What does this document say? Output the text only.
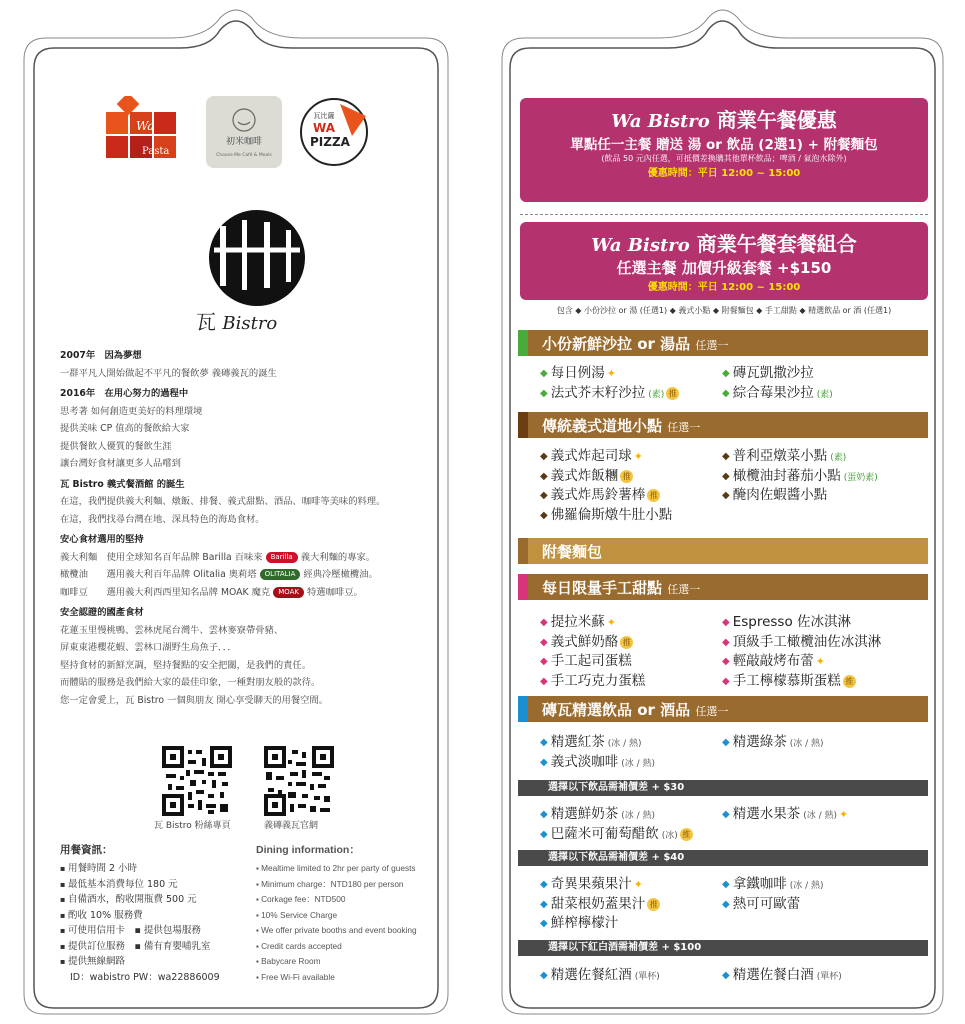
Wa
Pasta
初米咖啡
Choose Me Café & Meals
瓦比薩
WA
PIZZA
瓦 Bistro

2007年　因為夢想

一群平凡人開始做起不平凡的餐飲夢 義磚義瓦的誕生

2016年　在用心努力的過程中

思考著 如何創造更美好的料理環境

提供美味 CP 值高的餐飲給大家

提供餐飲人優質的餐飲生涯

讓台灣好食材讓更多人品嚐到

瓦 Bistro 義式餐酒館 的誕生

在這，我們提供義大利麵、燉飯、排餐、義式甜點、酒品、咖啡等美味的料理。

在這，我們找尋台灣在地、深具特色的海島食材。

安心食材選用的堅持

義大利麵　使用全球知名百年品牌 Barilla 百味來 Barilla 義大利麵的專家。

橄欖油　　選用義大利百年品牌 Olitalia 奧莉塔 OLITALIA 經典冷壓橄欖油。

咖啡豆　　選用義大利西西里知名品牌 MOAK 魔克 MOAK 特選咖啡豆。

安全認證的國產食材

花蓮玉里慢桃鴨、雲林虎尾台灣牛、雲林麥寮帶骨豬、

屏東東港櫻花蝦、雲林口湖野生烏魚子．．．

堅持食材的新鮮烹調，堅持餐點的安全把關，是我們的責任。

而體貼的服務是我們給大家的最佳印象，一種對朋友般的款待。

您一定會愛上，瓦 Bistro 一個與朋友 開心享受聊天的用餐空間。

瓦 Bistro 粉絲專頁	義磚義瓦官網
用餐資訊：
▪ 用餐時間 2 小時
▪ 最低基本消費每位 180 元
▪ 自備酒水，酌收開瓶費 500 元
▪ 酌收 10% 服務費
▪ 可使用信用卡　▪ 提供包場服務
▪ 提供訂位服務　▪ 備有育嬰哺乳室
▪ 提供無線網路
ID：wabistro PW：wa22886009
Dining information：
▪ Mealtime limited to 2hr per party of guests
▪ Minimum charge：NTD180 per person
▪ Corkage fee：NTD500
▪ 10% Service Charge
▪ We offer private booths and event booking
▪ Credit cards accepted
▪ Babycare Room
▪ Free Wi-Fi available
Wa Bistro 商業午餐優惠
單點任一主餐 贈送 湯 or 飲品 (2選1) + 附餐麵包
(飲品 50 元內任選，可抵價差換購其他單杯飲品；啤酒 / 氣泡水除外)
優惠時間：平日 12:00 ~ 15:00
Wa Bistro 商業午餐套餐組合
任選主餐 加價升級套餐 +$150
優惠時間：平日 12:00 ~ 15:00
包含 ◆ 小份沙拉 or 湯 (任選1) ◆ 義式小點 ◆ 附餐麵包 ◆ 手工甜點 ◆ 精選飲品 or 酒 (任選1)
小份新鮮沙拉 or 湯品 任選一
◆ 每日例湯 ✦	◆ 磚瓦凱撒沙拉
◆ 法式芥末籽沙拉 (素) 推	◆ 綜合莓果沙拉 (素)
傳統義式道地小點 任選一
◆ 義式炸起司球 ✦	◆ 普利亞燉菜小點 (素)
◆ 義式炸飯糰 推	◆ 橄欖油封蕃茄小點 (蛋奶素)
◆ 義式炸馬鈴薯棒 推	◆ 醃肉佐蝦醬小點
◆ 佛羅倫斯燉牛肚小點
附餐麵包
每日限量手工甜點 任選一
◆ 提拉米蘇 ✦	◆ Espresso 佐冰淇淋
◆ 義式鮮奶酪 推	◆ 頂級手工橄欖油佐冰淇淋
◆ 手工起司蛋糕	◆ 輕敲敲烤布蕾 ✦
◆ 手工巧克力蛋糕	◆ 手工檸檬慕斯蛋糕 推
磚瓦精選飲品 or 酒品 任選一
◆ 精選紅茶 (冰 / 熱)	◆ 精選綠茶 (冰 / 熱)
◆ 義式淡咖啡 (冰 / 熱)
選擇以下飲品需補價差 + $30
◆ 精選鮮奶茶 (冰 / 熱)	◆ 精選水果茶 (冰 / 熱) ✦
◆ 巴薩米可葡萄醋飲 (冰) 推
選擇以下飲品需補價差 + $40
◆ 奇異果蘋果汁 ✦	◆ 拿鐵咖啡 (冰 / 熱)
◆ 甜菜根奶蓋果汁 推	◆ 熱可可歐蕾
◆ 鮮榨檸檬汁
選擇以下紅白酒需補價差 + $100
◆ 精選佐餐紅酒 (單杯)	◆ 精選佐餐白酒 (單杯)
